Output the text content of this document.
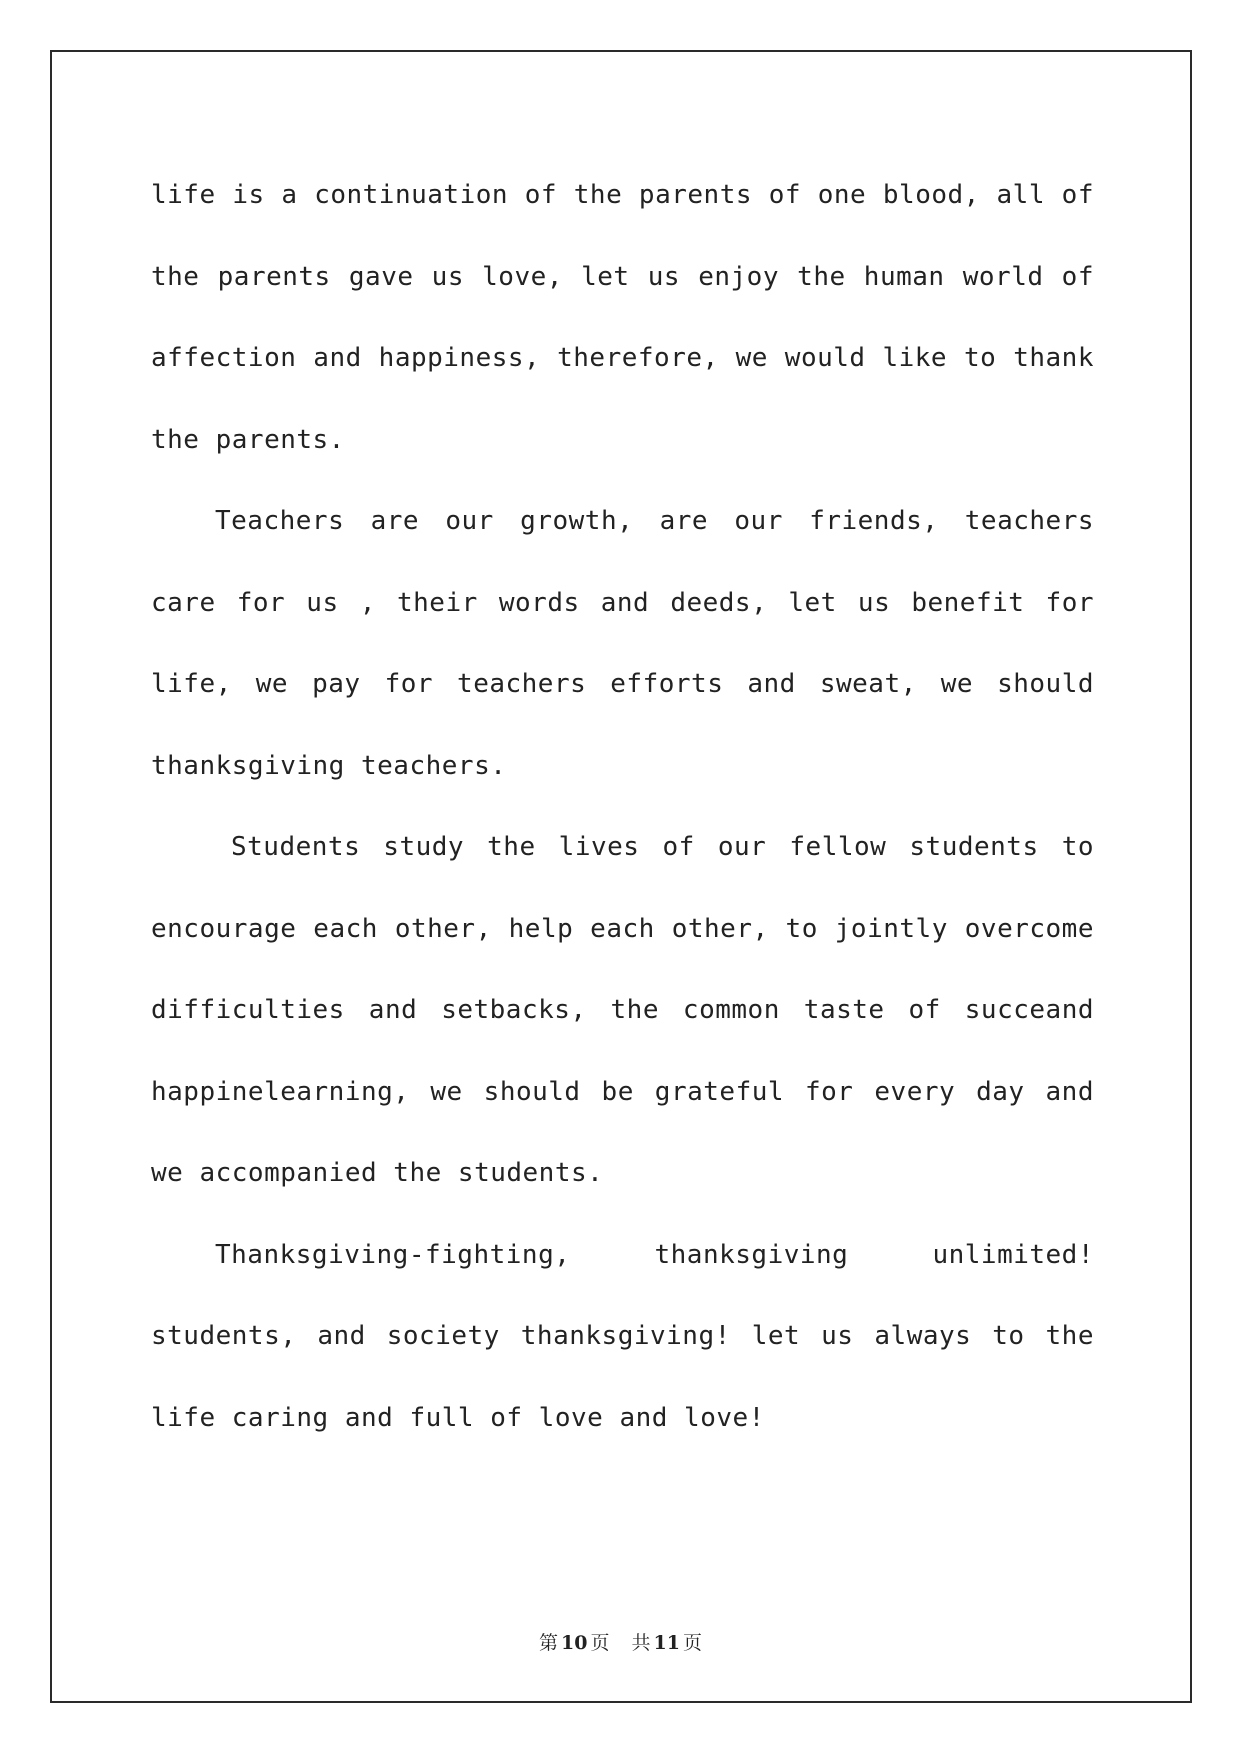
life is a continuation of the parents of one blood, all of the parents gave us love, let us enjoy the human world of affection and happiness, therefore, we would like to thank the parents.

Teachers are our growth, are our friends, teachers care for us , their words and deeds, let us benefit for life, we pay for teachers efforts and sweat, we should thanksgiving teachers.

Students study the lives of our fellow students to encourage each other, help each other, to jointly overcome difficulties and setbacks, the common taste of succeand happinelearning, we should be grateful for every day and we accompanied the students.

Thanksgiving-fighting, thanksgiving unlimited! students, and society thanksgiving! let us always to the life caring and full of love and love!

第 10 页 共 11 页
